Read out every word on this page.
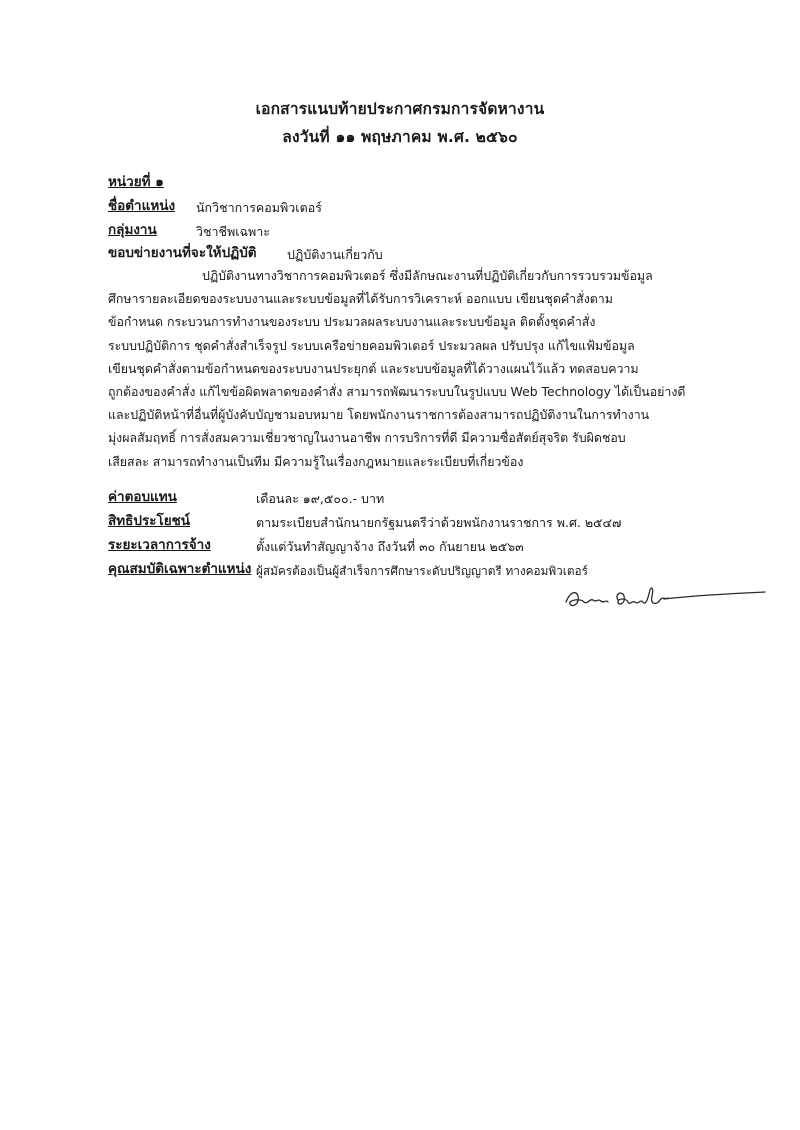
เอกสารแนบท้ายประกาศกรมการจัดหางาน
ลงวันที่ ๑๑ พฤษภาคม พ.ศ. ๒๕๖๐
หน่วยที่ ๑
ชื่อตำแหน่ง นักวิชาการคอมพิวเตอร์
กลุ่มงาน	วิชาชีพเฉพาะ
ขอบข่ายงานที่จะให้ปฏิบัติ ปฏิบัติงานเกี่ยวกับ
ปฏิบัติงานทางวิชาการคอมพิวเตอร์ ซึ่งมีลักษณะงานที่ปฏิบัติเกี่ยวกับการรวบรวมข้อมูล
ศึกษารายละเอียดของระบบงานและระบบข้อมูลที่ได้รับการวิเคราะห์ ออกแบบ เขียนชุดคำสั่งตาม
ข้อกำหนด กระบวนการทำงานของระบบ ประมวลผลระบบงานและระบบข้อมูล ติดตั้งชุดคำสั่ง
ระบบปฏิบัติการ ชุดคำสั่งสำเร็จรูป ระบบเครือข่ายคอมพิวเตอร์ ประมวลผล ปรับปรุง แก้ไขแฟ้มข้อมูล
เขียนชุดคำสั่งตามข้อกำหนดของระบบงานประยุกต์ และระบบข้อมูลที่ได้วางแผนไว้แล้ว ทดสอบความ
ถูกต้องของคำสั่ง แก้ไขข้อผิดพลาดของคำสั่ง สามารถพัฒนาระบบในรูปแบบ Web Technology ได้เป็นอย่างดี
และปฏิบัติหน้าที่อื่นที่ผู้บังคับบัญชามอบหมาย โดยพนักงานราชการต้องสามารถปฏิบัติงานในการทำงาน
มุ่งผลสัมฤทธิ์ การสั่งสมความเชี่ยวชาญในงานอาชีพ การบริการที่ดี มีความซื่อสัตย์สุจริต รับผิดชอบ
เสียสละ สามารถทำงานเป็นทีม มีความรู้ในเรื่องกฎหมายและระเบียบที่เกี่ยวข้อง
ค่าตอบแทน	เดือนละ ๑๙,๕๐๐.- บาท
สิทธิประโยชน์	ตามระเบียบสำนักนายกรัฐมนตรีว่าด้วยพนักงานราชการ พ.ศ. ๒๕๔๗
ระยะเวลาการจ้าง	ตั้งแต่วันทำสัญญาจ้าง ถึงวันที่ ๓๐ กันยายน ๒๕๖๓
คุณสมบัติเฉพาะตำแหน่ง ผู้สมัครต้องเป็นผู้สำเร็จการศึกษาระดับปริญญาตรี ทางคอมพิวเตอร์
